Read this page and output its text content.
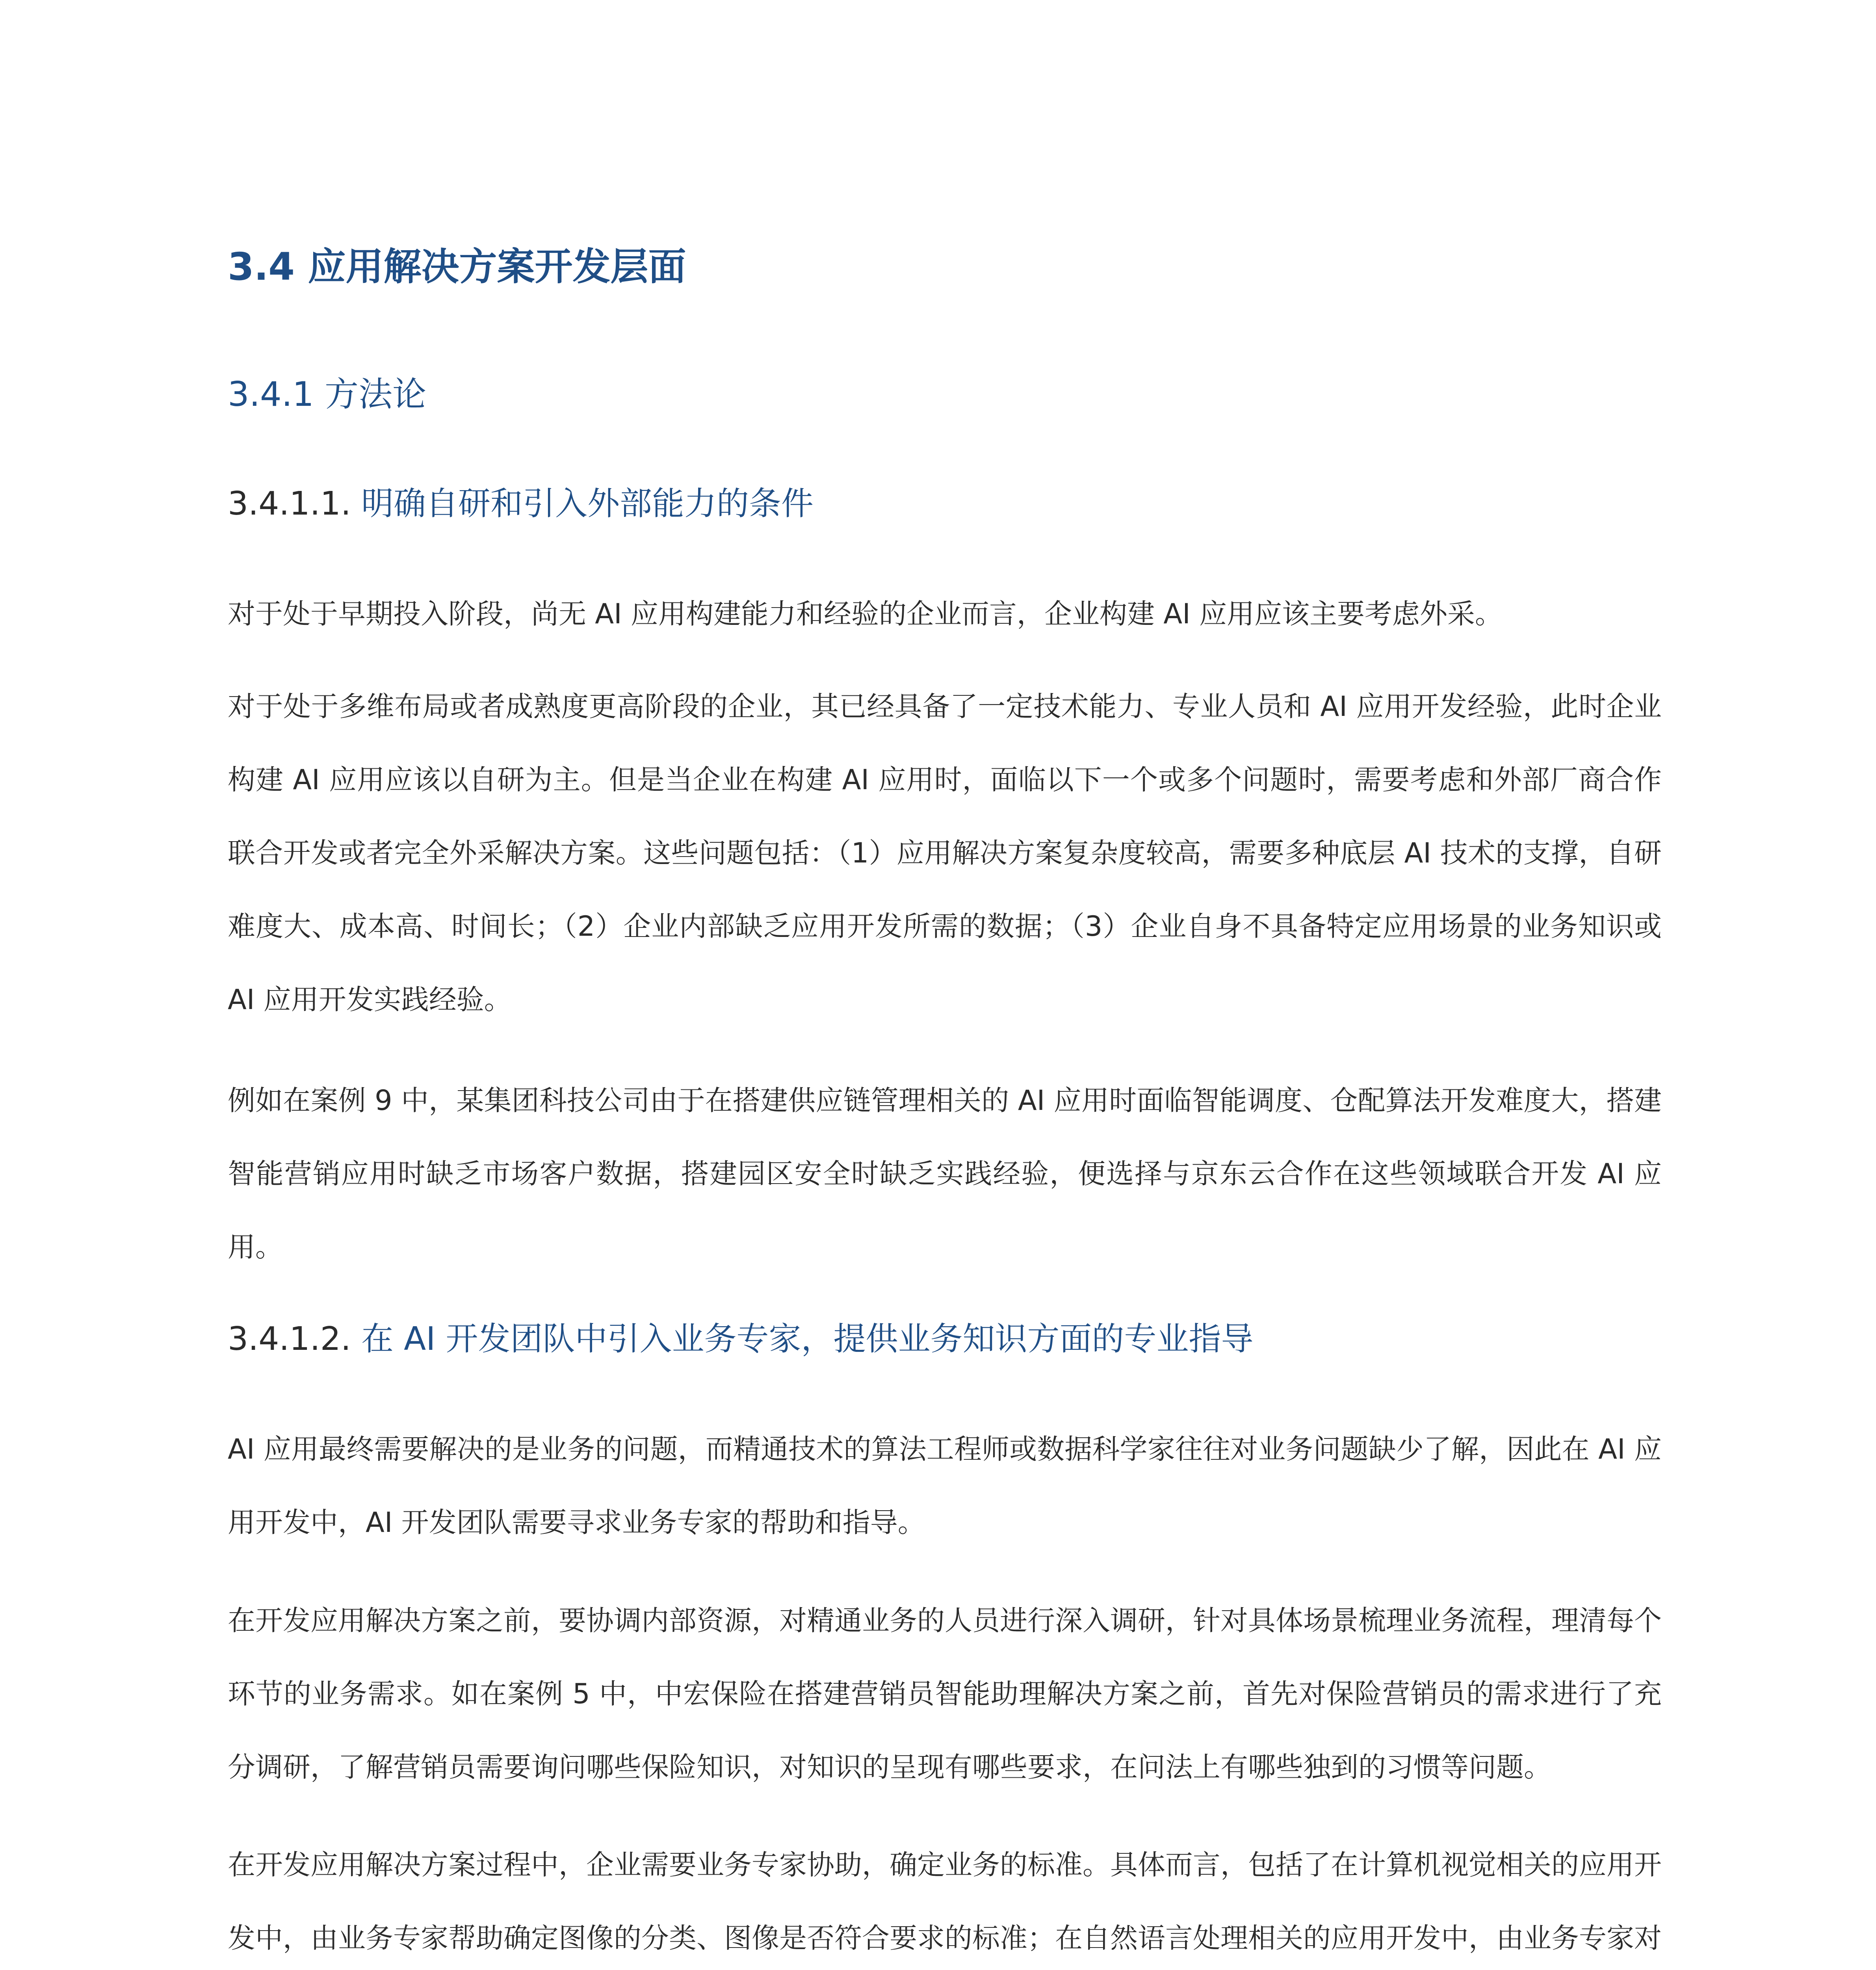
3.4 应用解决方案开发层面
3.4.1 方法论
3.4.1.1. 明确自研和引入外部能力的条件

对于处于早期投入阶段，尚无 AI 应用构建能力和经验的企业而言，企业构建 AI 应用应该主要考虑外采。

对于处于多维布局或者成熟度更高阶段的企业，其已经具备了一定技术能力、专业人员和 AI 应用开发经验，此时企业构建 AI 应用应该以自研为主。但是当企业在构建 AI 应用时，面临以下一个或多个问题时，需要考虑和外部厂商合作联合开发或者完全外采解决方案。这些问题包括：（1）应用解决方案复杂度较高，需要多种底层 AI 技术的支撑，自研难度大、成本高、时间长；（2）企业内部缺乏应用开发所需的数据；（3）企业自身不具备特定应用场景的业务知识或 AI 应用开发实践经验。

例如在案例 9 中，某集团科技公司由于在搭建供应链管理相关的 AI 应用时面临智能调度、仓配算法开发难度大，搭建智能营销应用时缺乏市场客户数据，搭建园区安全时缺乏实践经验，便选择与京东云合作在这些领域联合开发 AI 应用。

3.4.1.2. 在 AI 开发团队中引入业务专家，提供业务知识方面的专业指导

AI 应用最终需要解决的是业务的问题，而精通技术的算法工程师或数据科学家往往对业务问题缺少了解，因此在 AI 应用开发中，AI 开发团队需要寻求业务专家的帮助和指导。

在开发应用解决方案之前，要协调内部资源，对精通业务的人员进行深入调研，针对具体场景梳理业务流程，理清每个环节的业务需求。如在案例 5 中，中宏保险在搭建营销员智能助理解决方案之前，首先对保险营销员的需求进行了充分调研，了解营销员需要询问哪些保险知识，对知识的呈现有哪些要求，在问法上有哪些独到的习惯等问题。

在开发应用解决方案过程中，企业需要业务专家协助，确定业务的标准。具体而言，包括了在计算机视觉相关的应用开发中，由业务专家帮助确定图像的分类、图像是否符合要求的标准；在自然语言处理相关的应用开发中，由业务专家对
